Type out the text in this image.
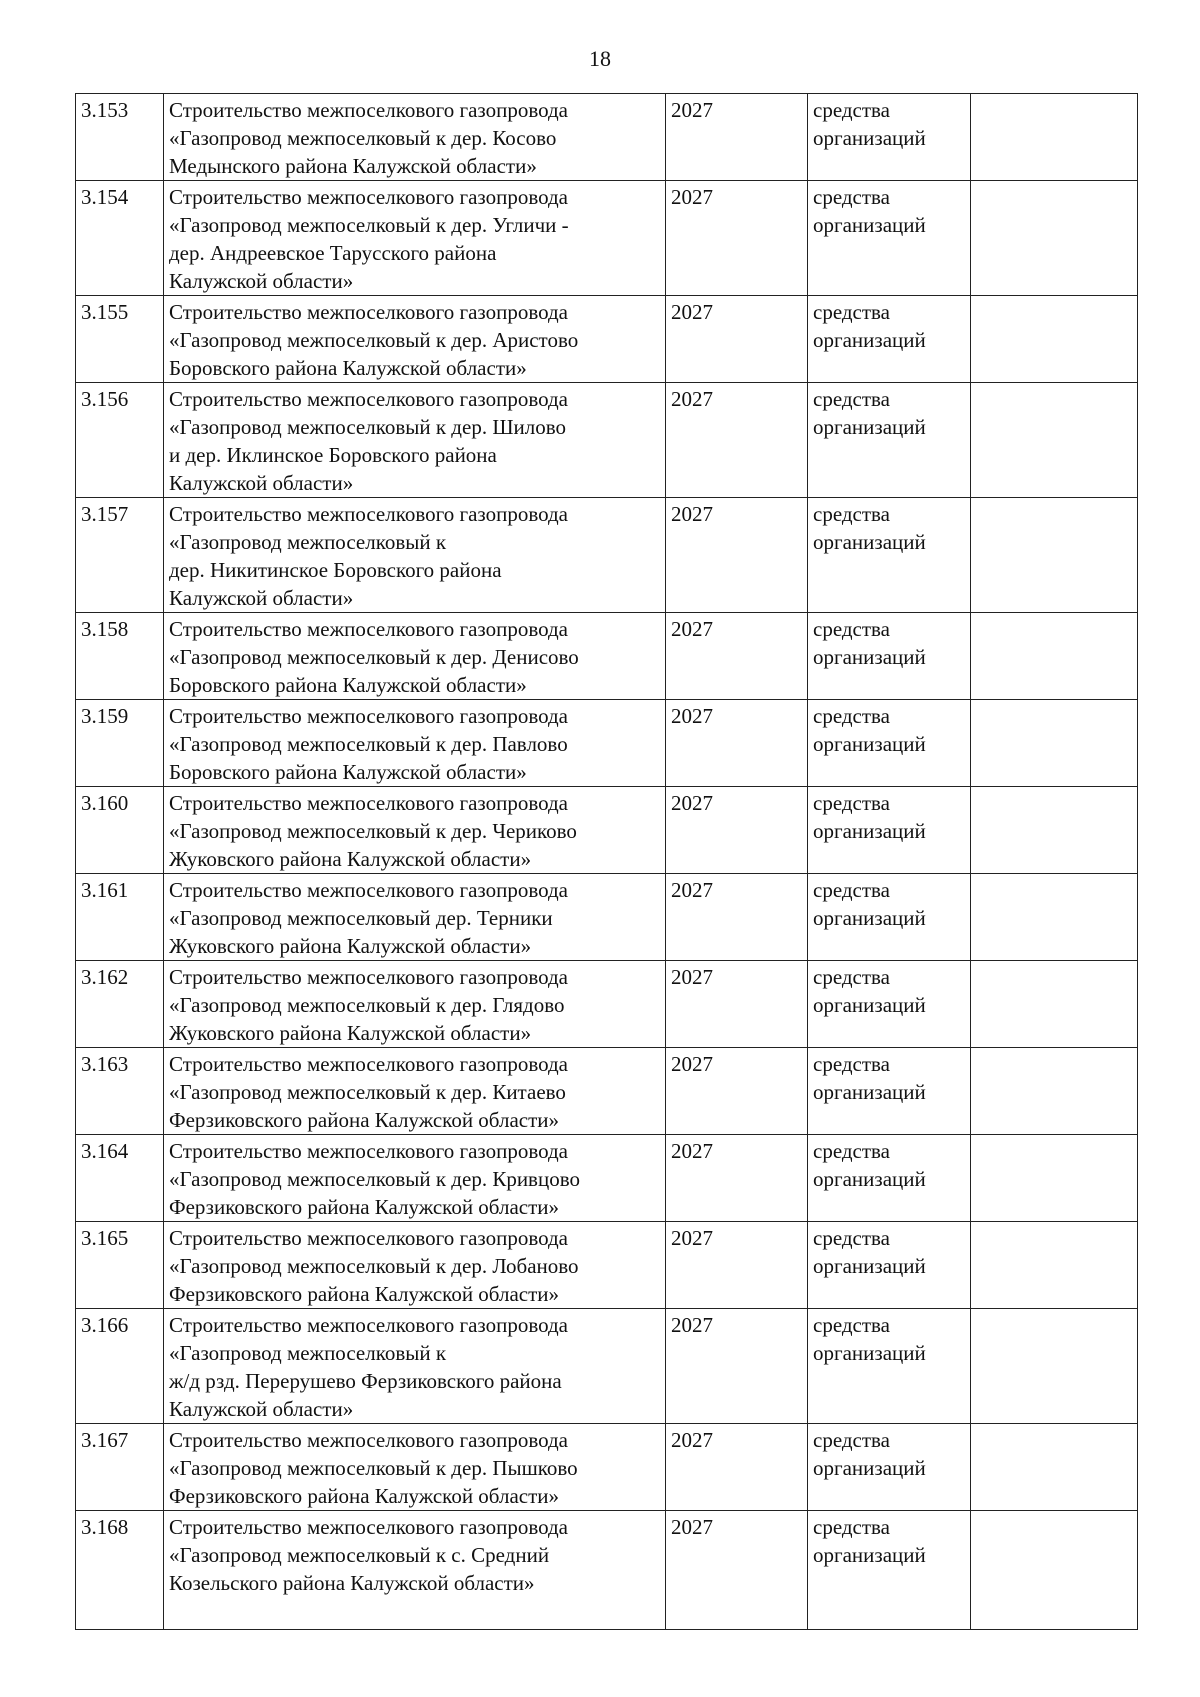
18
3.153	Строительство межпоселкового газопровода
«Газопровод межпоселковый к дер. Косово
Медынского района Калужской области»	2027	средства
организаций	
3.154	Строительство межпоселкового газопровода
«Газопровод межпоселковый к дер. Угличи -
дер. Андреевское Тарусского района
Калужской области»	2027	средства
организаций	
3.155	Строительство межпоселкового газопровода
«Газопровод межпоселковый к дер. Аристово
Боровского района Калужской области»	2027	средства
организаций	
3.156	Строительство межпоселкового газопровода
«Газопровод межпоселковый к дер. Шилово
и дер. Иклинское Боровского района
Калужской области»	2027	средства
организаций	
3.157	Строительство межпоселкового газопровода
«Газопровод межпоселковый к
дер. Никитинское Боровского района
Калужской области»	2027	средства
организаций	
3.158	Строительство межпоселкового газопровода
«Газопровод межпоселковый к дер. Денисово
Боровского района Калужской области»	2027	средства
организаций	
3.159	Строительство межпоселкового газопровода
«Газопровод межпоселковый к дер. Павлово
Боровского района Калужской области»	2027	средства
организаций	
3.160	Строительство межпоселкового газопровода
«Газопровод межпоселковый к дер. Чериково
Жуковского района Калужской области»	2027	средства
организаций	
3.161	Строительство межпоселкового газопровода
«Газопровод межпоселковый дер. Терники
Жуковского района Калужской области»	2027	средства
организаций	
3.162	Строительство межпоселкового газопровода
«Газопровод межпоселковый к дер. Глядово
Жуковского района Калужской области»	2027	средства
организаций	
3.163	Строительство межпоселкового газопровода
«Газопровод межпоселковый к дер. Китаево
Ферзиковского района Калужской области»	2027	средства
организаций	
3.164	Строительство межпоселкового газопровода
«Газопровод межпоселковый к дер. Кривцово
Ферзиковского района Калужской области»	2027	средства
организаций	
3.165	Строительство межпоселкового газопровода
«Газопровод межпоселковый к дер. Лобаново
Ферзиковского района Калужской области»	2027	средства
организаций	
3.166	Строительство межпоселкового газопровода
«Газопровод межпоселковый к
ж/д рзд. Перерушево Ферзиковского района
Калужской области»	2027	средства
организаций	
3.167	Строительство межпоселкового газопровода
«Газопровод межпоселковый к дер. Пышково
Ферзиковского района Калужской области»	2027	средства
организаций	
3.168	Строительство межпоселкового газопровода
«Газопровод межпоселковый к с. Средний
Козельского района Калужской области»	2027	средства
организаций	
